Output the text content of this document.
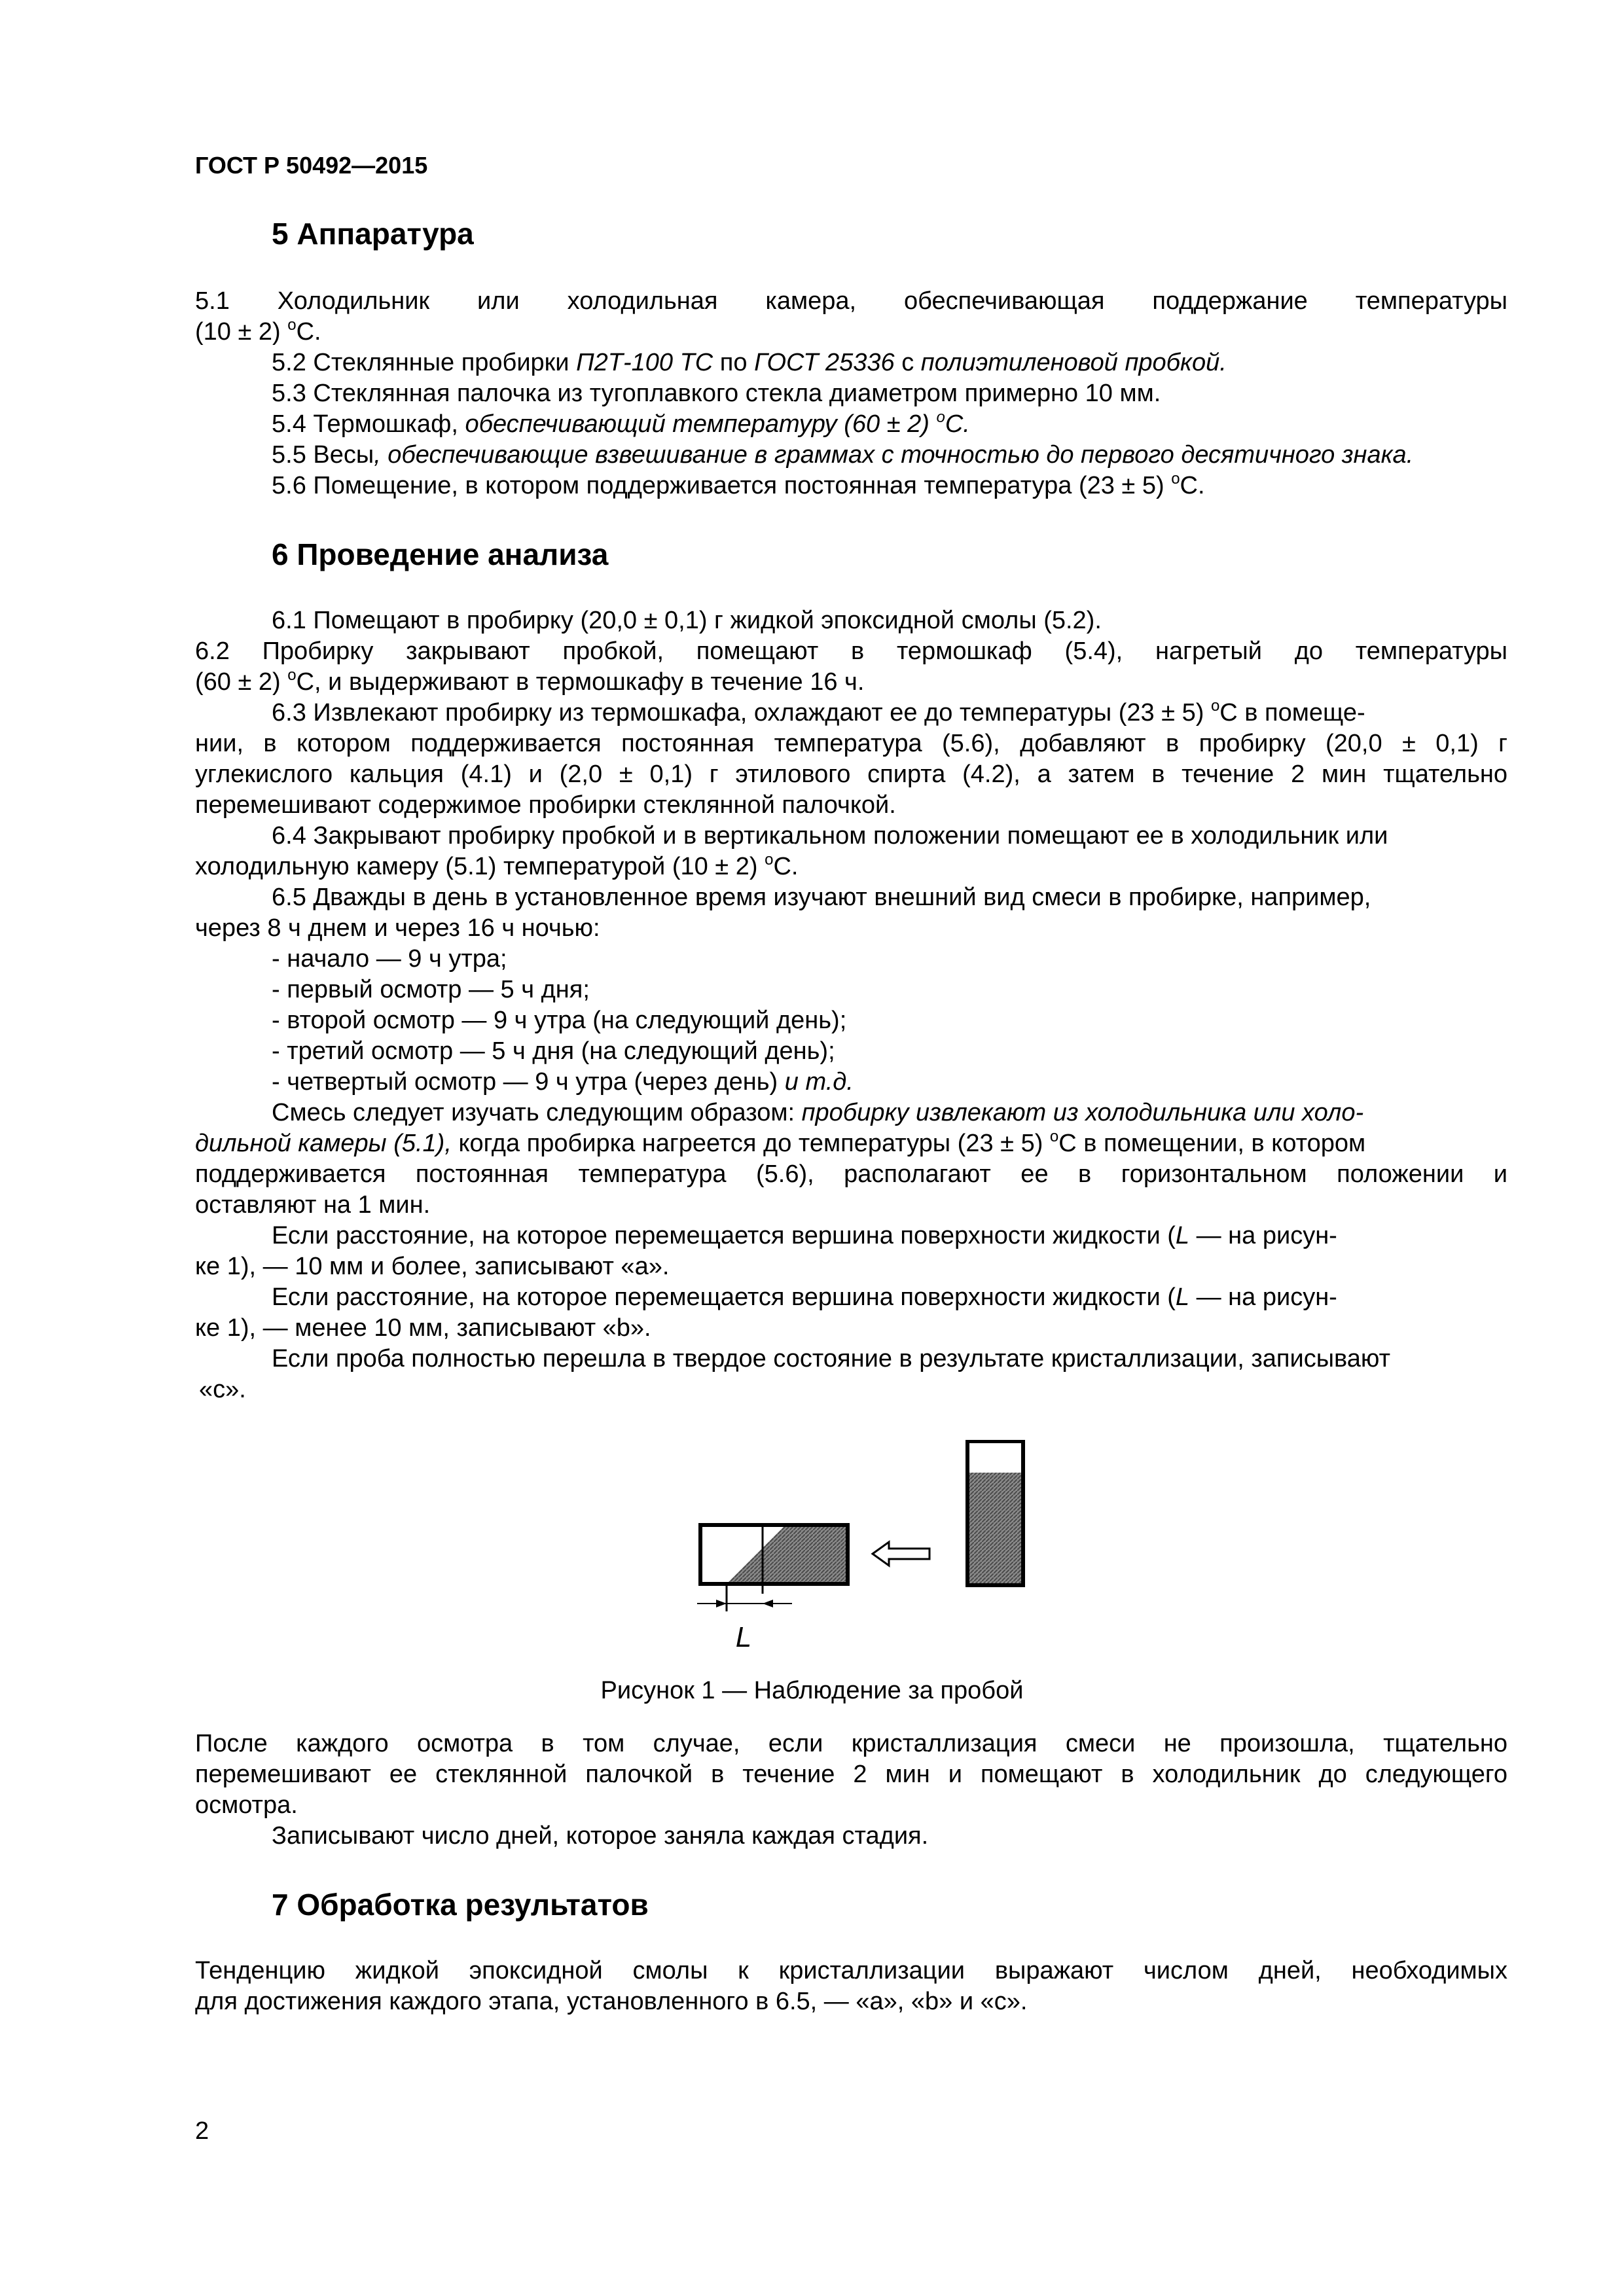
ГОСТ Р 50492—2015
5 Аппаратура
5.1 Холодильник или холодильная камера, обеспечивающая поддержание температуры
(10 ± 2) $^o$C.
5.2 Стеклянные пробирки П2Т-100 ТС по ГОСТ 25336 с полиэтиленовой пробкой.
5.3 Стеклянная палочка из тугоплавкого стекла диаметром примерно 10 мм.
5.4 Термошкаф, обеспечивающий температуру (60 ± 2) $^o$C.
5.5 Весы, обеспечивающие взвешивание в граммах с точностью до первого десятичного знака.
5.6 Помещение, в котором поддерживается постоянная температура (23 ± 5) $^o$C.
6 Проведение анализа
6.1 Помещают в пробирку (20,0 ± 0,1) г жидкой эпоксидной смолы (5.2).
6.2 Пробирку закрывают пробкой, помещают в термошкаф (5.4), нагретый до температуры
(60 ± 2) $^o$C, и выдерживают в термошкафу в течение 16 ч.
6.3 Извлекают пробирку из термошкафа, охлаждают ее до температуры (23 ± 5) $^o$C в помеще-
нии, в котором поддерживается постоянная температура (5.6), добавляют в пробирку (20,0 ± 0,1) г
углекислого кальция (4.1) и (2,0 ± 0,1) г этилового спирта (4.2), а затем в течение 2 мин тщательно
перемешивают содержимое пробирки стеклянной палочкой.
6.4 Закрывают пробирку пробкой и в вертикальном положении помещают ее в холодильник или
холодильную камеру (5.1) температурой (10 ± 2) $^o$C.
6.5 Дважды в день в установленное время изучают внешний вид смеси в пробирке, например,
через 8 ч днем и через 16 ч ночью:
- начало — 9 ч утра;
- первый осмотр — 5 ч дня;
- второй осмотр — 9 ч утра (на следующий день);
- третий осмотр — 5 ч дня (на следующий день);
- четвертый осмотр — 9 ч утра (через день) и т.д.
Смесь следует изучать следующим образом: пробирку извлекают из холодильника или холо-
дильной камеры (5.1), когда пробирка нагреется до температуры (23 ± 5) $^o$C в помещении, в котором
поддерживается постоянная температура (5.6), располагают ее в горизонтальном положении и
оставляют на 1 мин.
Если расстояние, на которое перемещается вершина поверхности жидкости (L — на рисун-
ке 1), — 10 мм и более, записывают «а».
Если расстояние, на которое перемещается вершина поверхности жидкости (L — на рисун-
ке 1), — менее 10 мм, записывают «b».
Если проба полностью перешла в твердое состояние в результате кристаллизации, записывают
«с».
L
Рисунок 1 — Наблюдение за пробой
После каждого осмотра в том случае, если кристаллизация смеси не произошла, тщательно
перемешивают ее стеклянной палочкой в течение 2 мин и помещают в холодильник до следующего
осмотра.
Записывают число дней, которое заняла каждая стадия.
7 Обработка результатов
Тенденцию жидкой эпоксидной смолы к кристаллизации выражают числом дней, необходимых
для достижения каждого этапа, установленного в 6.5, — «а», «b» и «с».
2
